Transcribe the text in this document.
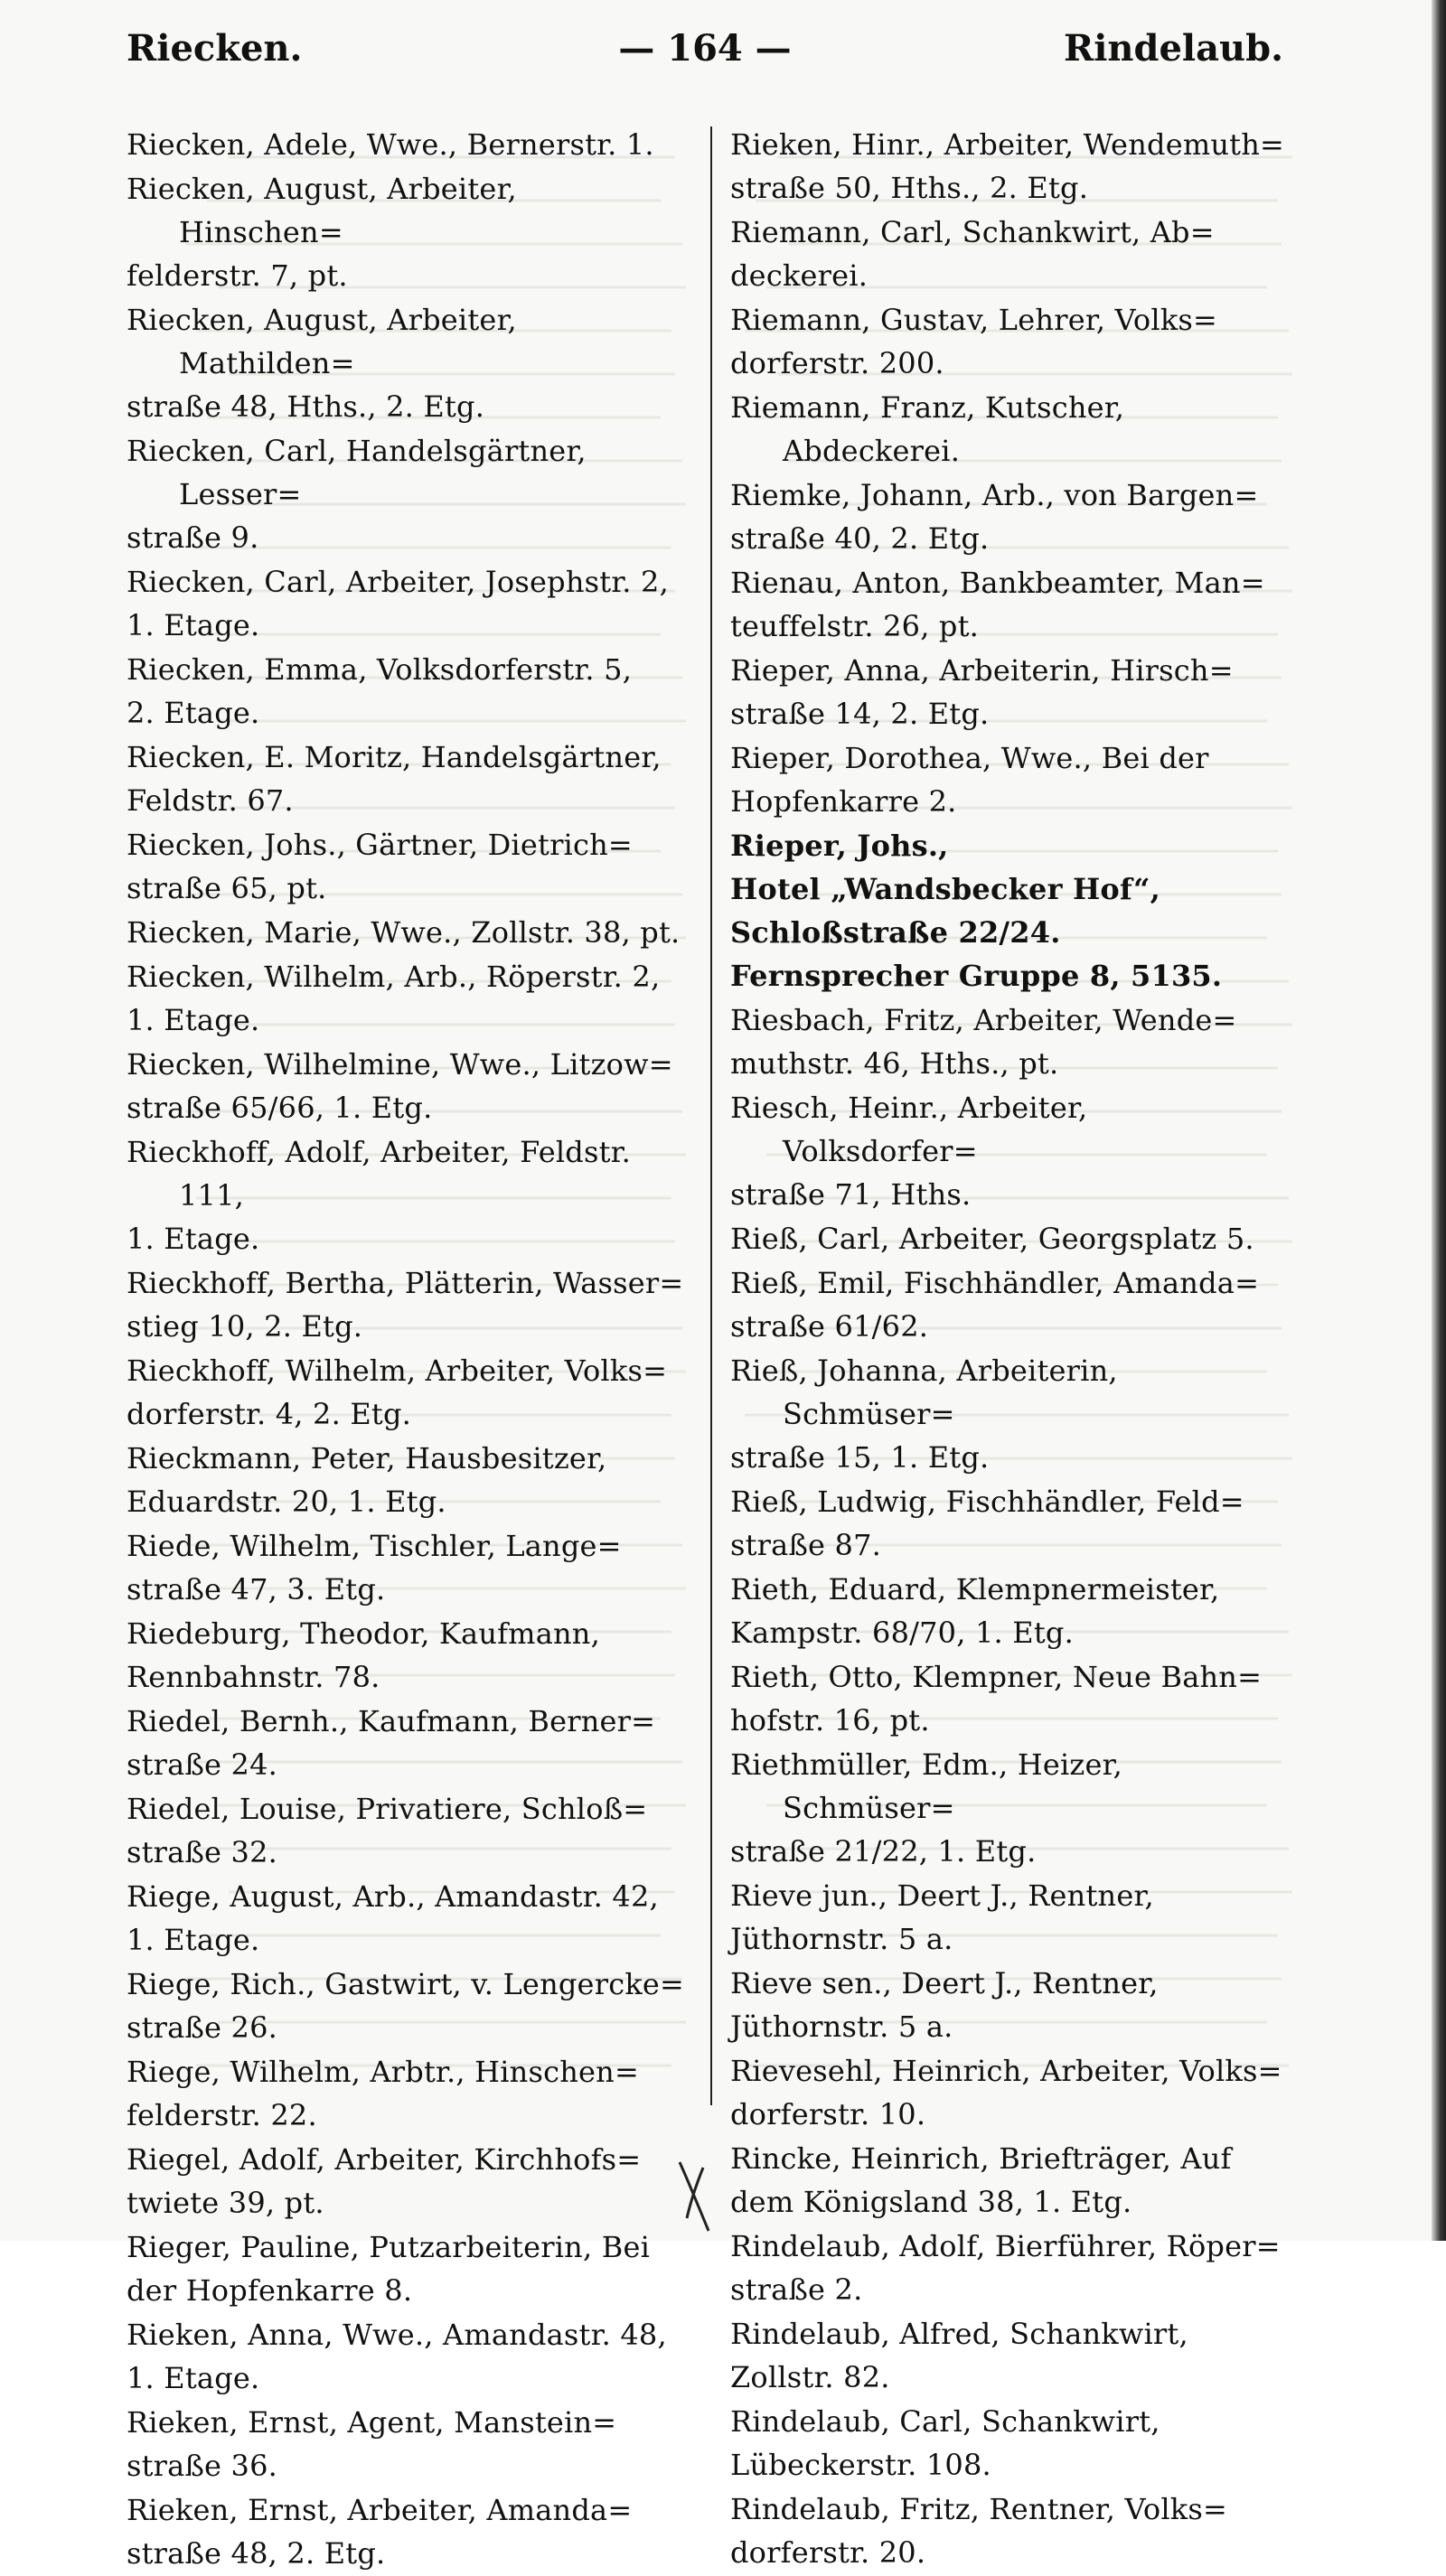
Riecken.	— 164 —	Rindelaub.
Riecken, Adele, Wwe., Bernerstr. 1.
Riecken, August, Arbeiter, Hinschen=
felderstr. 7, pt.
Riecken, August, Arbeiter, Mathilden=
straße 48, Hths., 2. Etg.
Riecken, Carl, Handelsgärtner, Lesser=
straße 9.
Riecken, Carl, Arbeiter, Josephstr. 2,
1. Etage.
Riecken, Emma, Volksdorferstr. 5,
2. Etage.
Riecken, E. Moritz, Handelsgärtner,
Feldstr. 67.
Riecken, Johs., Gärtner, Dietrich=
straße 65, pt.
Riecken, Marie, Wwe., Zollstr. 38, pt.
Riecken, Wilhelm, Arb., Röperstr. 2,
1. Etage.
Riecken, Wilhelmine, Wwe., Litzow=
straße 65/66, 1. Etg.
Rieckhoff, Adolf, Arbeiter, Feldstr. 111,
1. Etage.
Rieckhoff, Bertha, Plätterin, Wasser=
stieg 10, 2. Etg.
Rieckhoff, Wilhelm, Arbeiter, Volks=
dorferstr. 4, 2. Etg.
Rieckmann, Peter, Hausbesitzer,
Eduardstr. 20, 1. Etg.
Riede, Wilhelm, Tischler, Lange=
straße 47, 3. Etg.
Riedeburg, Theodor, Kaufmann,
Rennbahnstr. 78.
Riedel, Bernh., Kaufmann, Berner=
straße 24.
Riedel, Louise, Privatiere, Schloß=
straße 32.
Riege, August, Arb., Amandastr. 42,
1. Etage.
Riege, Rich., Gastwirt, v. Lengercke=
straße 26.
Riege, Wilhelm, Arbtr., Hinschen=
felderstr. 22.
Riegel, Adolf, Arbeiter, Kirchhofs=
twiete 39, pt.
Rieger, Pauline, Putzarbeiterin, Bei
der Hopfenkarre 8.
Rieken, Anna, Wwe., Amandastr. 48,
1. Etage.
Rieken, Ernst, Agent, Manstein=
straße 36.
Rieken, Ernst, Arbeiter, Amanda=
straße 48, 2. Etg.
Rieken, Hinr., Arbeiter, Wendemuth=
straße 50, Hths., 2. Etg.
Riemann, Carl, Schankwirt, Ab=
deckerei.
Riemann, Gustav, Lehrer, Volks=
dorferstr. 200.
Riemann, Franz, Kutscher, Abdeckerei.
Riemke, Johann, Arb., von Bargen=
straße 40, 2. Etg.
Rienau, Anton, Bankbeamter, Man=
teuffelstr. 26, pt.
Rieper, Anna, Arbeiterin, Hirsch=
straße 14, 2. Etg.
Rieper, Dorothea, Wwe., Bei der
Hopfenkarre 2.
Rieper, Johs.,
Hotel „Wandsbecker Hof“,
Schloßstraße 22/24.
Fernsprecher Gruppe 8, 5135.
Riesbach, Fritz, Arbeiter, Wende=
muthstr. 46, Hths., pt.
Riesch, Heinr., Arbeiter, Volksdorfer=
straße 71, Hths.
Rieß, Carl, Arbeiter, Georgsplatz 5.
Rieß, Emil, Fischhändler, Amanda=
straße 61/62.
Rieß, Johanna, Arbeiterin, Schmüser=
straße 15, 1. Etg.
Rieß, Ludwig, Fischhändler, Feld=
straße 87.
Rieth, Eduard, Klempnermeister,
Kampstr. 68/70, 1. Etg.
Rieth, Otto, Klempner, Neue Bahn=
hofstr. 16, pt.
Riethmüller, Edm., Heizer, Schmüser=
straße 21/22, 1. Etg.
Rieve jun., Deert J., Rentner,
Jüthornstr. 5 a.
Rieve sen., Deert J., Rentner,
Jüthornstr. 5 a.
Rievesehl, Heinrich, Arbeiter, Volks=
dorferstr. 10.
Rincke, Heinrich, Briefträger, Auf
dem Königsland 38, 1. Etg.
Rindelaub, Adolf, Bierführer, Röper=
straße 2.
Rindelaub, Alfred, Schankwirt,
Zollstr. 82.
Rindelaub, Carl, Schankwirt,
Lübeckerstr. 108.
Rindelaub, Fritz, Rentner, Volks=
dorferstr. 20.
